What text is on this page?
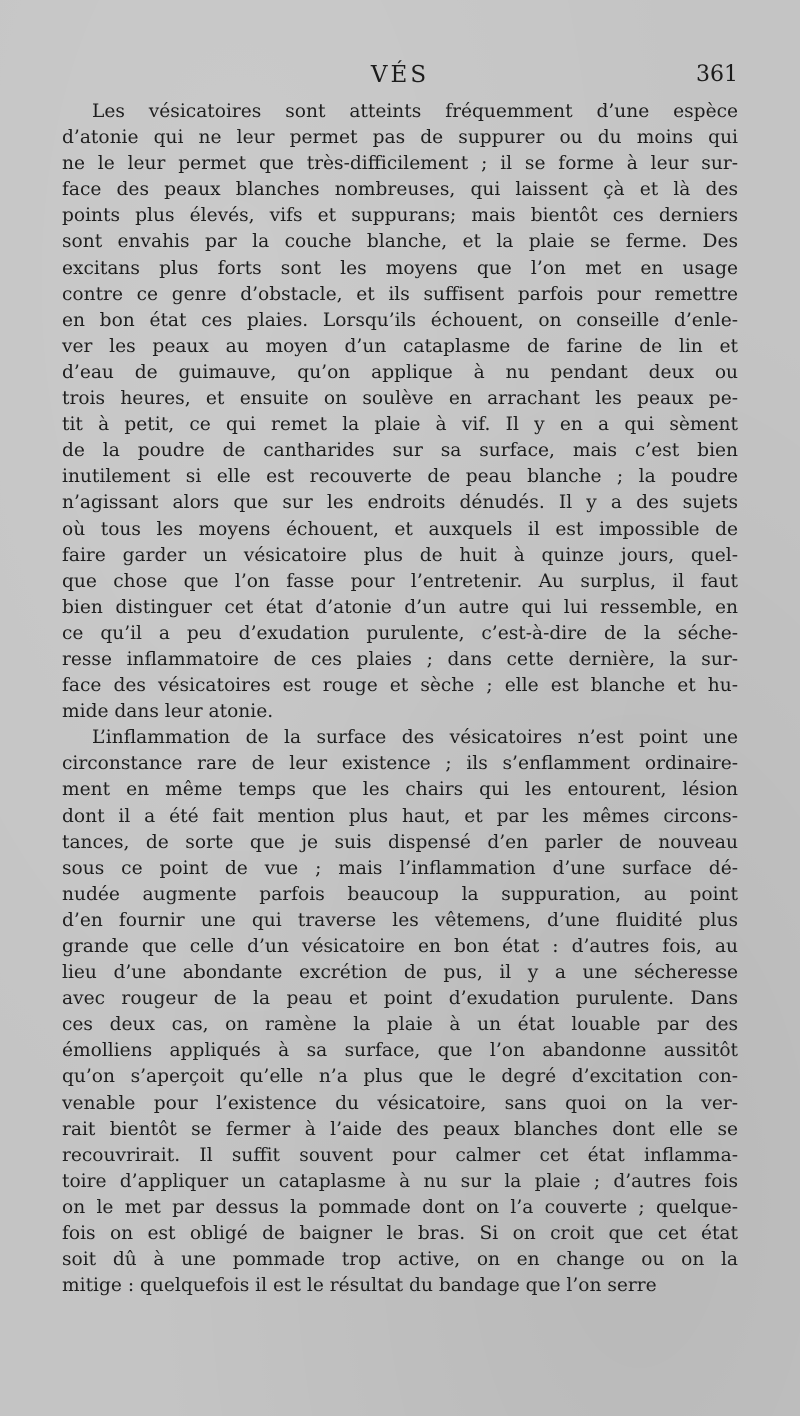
VÉS	361
Les vésicatoires sont atteints fréquemment d’une espèce
d’atonie qui ne leur permet pas de suppurer ou du moins qui
ne le leur permet que très-difficilement ; il se forme à leur sur-
face des peaux blanches nombreuses, qui laissent çà et là des
points plus élevés, vifs et suppurans; mais bientôt ces derniers
sont envahis par la couche blanche, et la plaie se ferme. Des
excitans plus forts sont les moyens que l’on met en usage
contre ce genre d’obstacle, et ils suffisent parfois pour remettre
en bon état ces plaies. Lorsqu’ils échouent, on conseille d’enle-
ver les peaux au moyen d’un cataplasme de farine de lin et
d’eau de guimauve, qu’on applique à nu pendant deux ou
trois heures, et ensuite on soulève en arrachant les peaux pe-
tit à petit, ce qui remet la plaie à vif. Il y en a qui sèment
de la poudre de cantharides sur sa surface, mais c’est bien
inutilement si elle est recouverte de peau blanche ; la poudre
n’agissant alors que sur les endroits dénudés. Il y a des sujets
où tous les moyens échouent, et auxquels il est impossible de
faire garder un vésicatoire plus de huit à quinze jours, quel-
que chose que l’on fasse pour l’entretenir. Au surplus, il faut
bien distinguer cet état d’atonie d’un autre qui lui ressemble, en
ce qu’il a peu d’exudation purulente, c’est-à-dire de la séche-
resse inflammatoire de ces plaies ; dans cette dernière, la sur-
face des vésicatoires est rouge et sèche ; elle est blanche et hu-
mide dans leur atonie.
L’inflammation de la surface des vésicatoires n’est point une
circonstance rare de leur existence ; ils s’enflamment ordinaire-
ment en même temps que les chairs qui les entourent, lésion
dont il a été fait mention plus haut, et par les mêmes circons-
tances, de sorte que je suis dispensé d’en parler de nouveau
sous ce point de vue ; mais l’inflammation d’une surface dé-
nudée augmente parfois beaucoup la suppuration, au point
d’en fournir une qui traverse les vêtemens, d’une fluidité plus
grande que celle d’un vésicatoire en bon état : d’autres fois, au
lieu d’une abondante excrétion de pus, il y a une sécheresse
avec rougeur de la peau et point d’exudation purulente. Dans
ces deux cas, on ramène la plaie à un état louable par des
émolliens appliqués à sa surface, que l’on abandonne aussitôt
qu’on s’aperçoit qu’elle n’a plus que le degré d’excitation con-
venable pour l’existence du vésicatoire, sans quoi on la ver-
rait bientôt se fermer à l’aide des peaux blanches dont elle se
recouvrirait. Il suffit souvent pour calmer cet état inflamma-
toire d’appliquer un cataplasme à nu sur la plaie ; d’autres fois
on le met par dessus la pommade dont on l’a couverte ; quelque-
fois on est obligé de baigner le bras. Si on croit que cet état
soit dû à une pommade trop active, on en change ou on la
mitige : quelquefois il est le résultat du bandage que l’on serre
